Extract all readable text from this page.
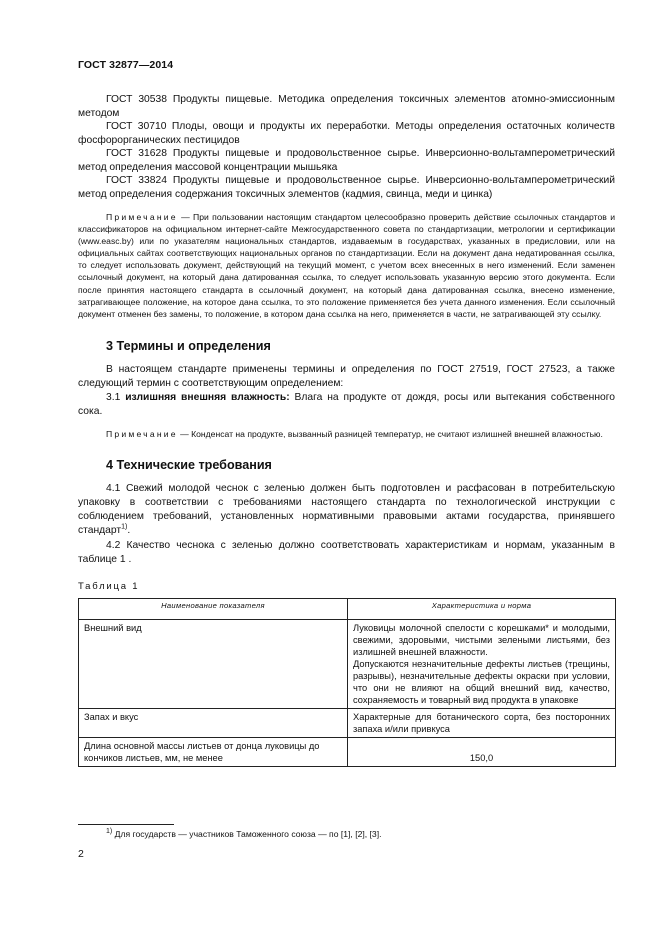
ГОСТ 32877—2014

ГОСТ 30538 Продукты пищевые. Методика определения токсичных элементов атомно-эмиссионным методом

ГОСТ 30710 Плоды, овощи и продукты их переработки. Методы определения остаточных количеств фосфорорганических пестицидов

ГОСТ 31628 Продукты пищевые и продовольственное сырье. Инверсионно-вольтамперометрический метод определения массовой концентрации мышьяка

ГОСТ 33824 Продукты пищевые и продовольственное сырье. Инверсионно-вольтамперометрический метод определения содержания токсичных элементов (кадмия, свинца, меди и цинка)

Примечание — При пользовании настоящим стандартом целесообразно проверить действие ссылочных стандартов и классификаторов на официальном интернет-сайте Межгосударственного совета по стандартизации, метрологии и сертификации (www.easc.by) или по указателям национальных стандартов, издаваемым в государствах, указанных в предисловии, или на официальных сайтах соответствующих национальных органов по стандартизации. Если на документ дана недатированная ссылка, то следует использовать документ, действующий на текущий момент, с учетом всех внесенных в него изменений. Если заменен ссылочный документ, на который дана датированная ссылка, то следует использовать указанную версию этого документа. Если после принятия настоящего стандарта в ссылочный документ, на который дана датированная ссылка, внесено изменение, затрагивающее положение, на которое дана ссылка, то это положение применяется без учета данного изменения. Если ссылочный документ отменен без замены, то положение, в котором дана ссылка на него, применяется в части, не затрагивающей эту ссылку.

3 Термины и определения

В настоящем стандарте применены термины и определения по ГОСТ 27519, ГОСТ 27523, а также следующий термин с соответствующим определением:

3.1 излишняя внешняя влажность: Влага на продукте от дождя, росы или вытекания собственного сока.

Примечание — Конденсат на продукте, вызванный разницей температур, не считают излишней внешней влажностью.

4 Технические требования

4.1 Свежий молодой чеснок с зеленью должен быть подготовлен и расфасован в потребительскую упаковку в соответствии с требованиями настоящего стандарта по технологической инструкции с соблюдением требований, установленных нормативными правовыми актами государства, принявшего стандарт$^{1)}$.

4.2 Качество чеснока с зеленью должно соответствовать характеристикам и нормам, указанным в таблице 1 .

Таблица 1

Наименование показателя	Характеристика и норма
Внешний вид	Луковицы молочной спелости с корешками* и молодыми, свежими, здоровыми, чистыми зелеными листьями, без излишней внешней влажности.
Допускаются незначительные дефекты листьев (трещины, разрывы), незначительные дефекты окраски при условии, что они не влияют на общий внешний вид, качество, сохраняемость и товарный вид продукта в упаковке
Запах и вкус	Характерные для ботанического сорта, без посторонних запаха и/или привкуса
Длина основной массы листьев от донца луковицы до кончиков листьев, мм, не менее	150,0

$^{1)}$ Для государств — участников Таможенного союза — по [1], [2], [3].

2
